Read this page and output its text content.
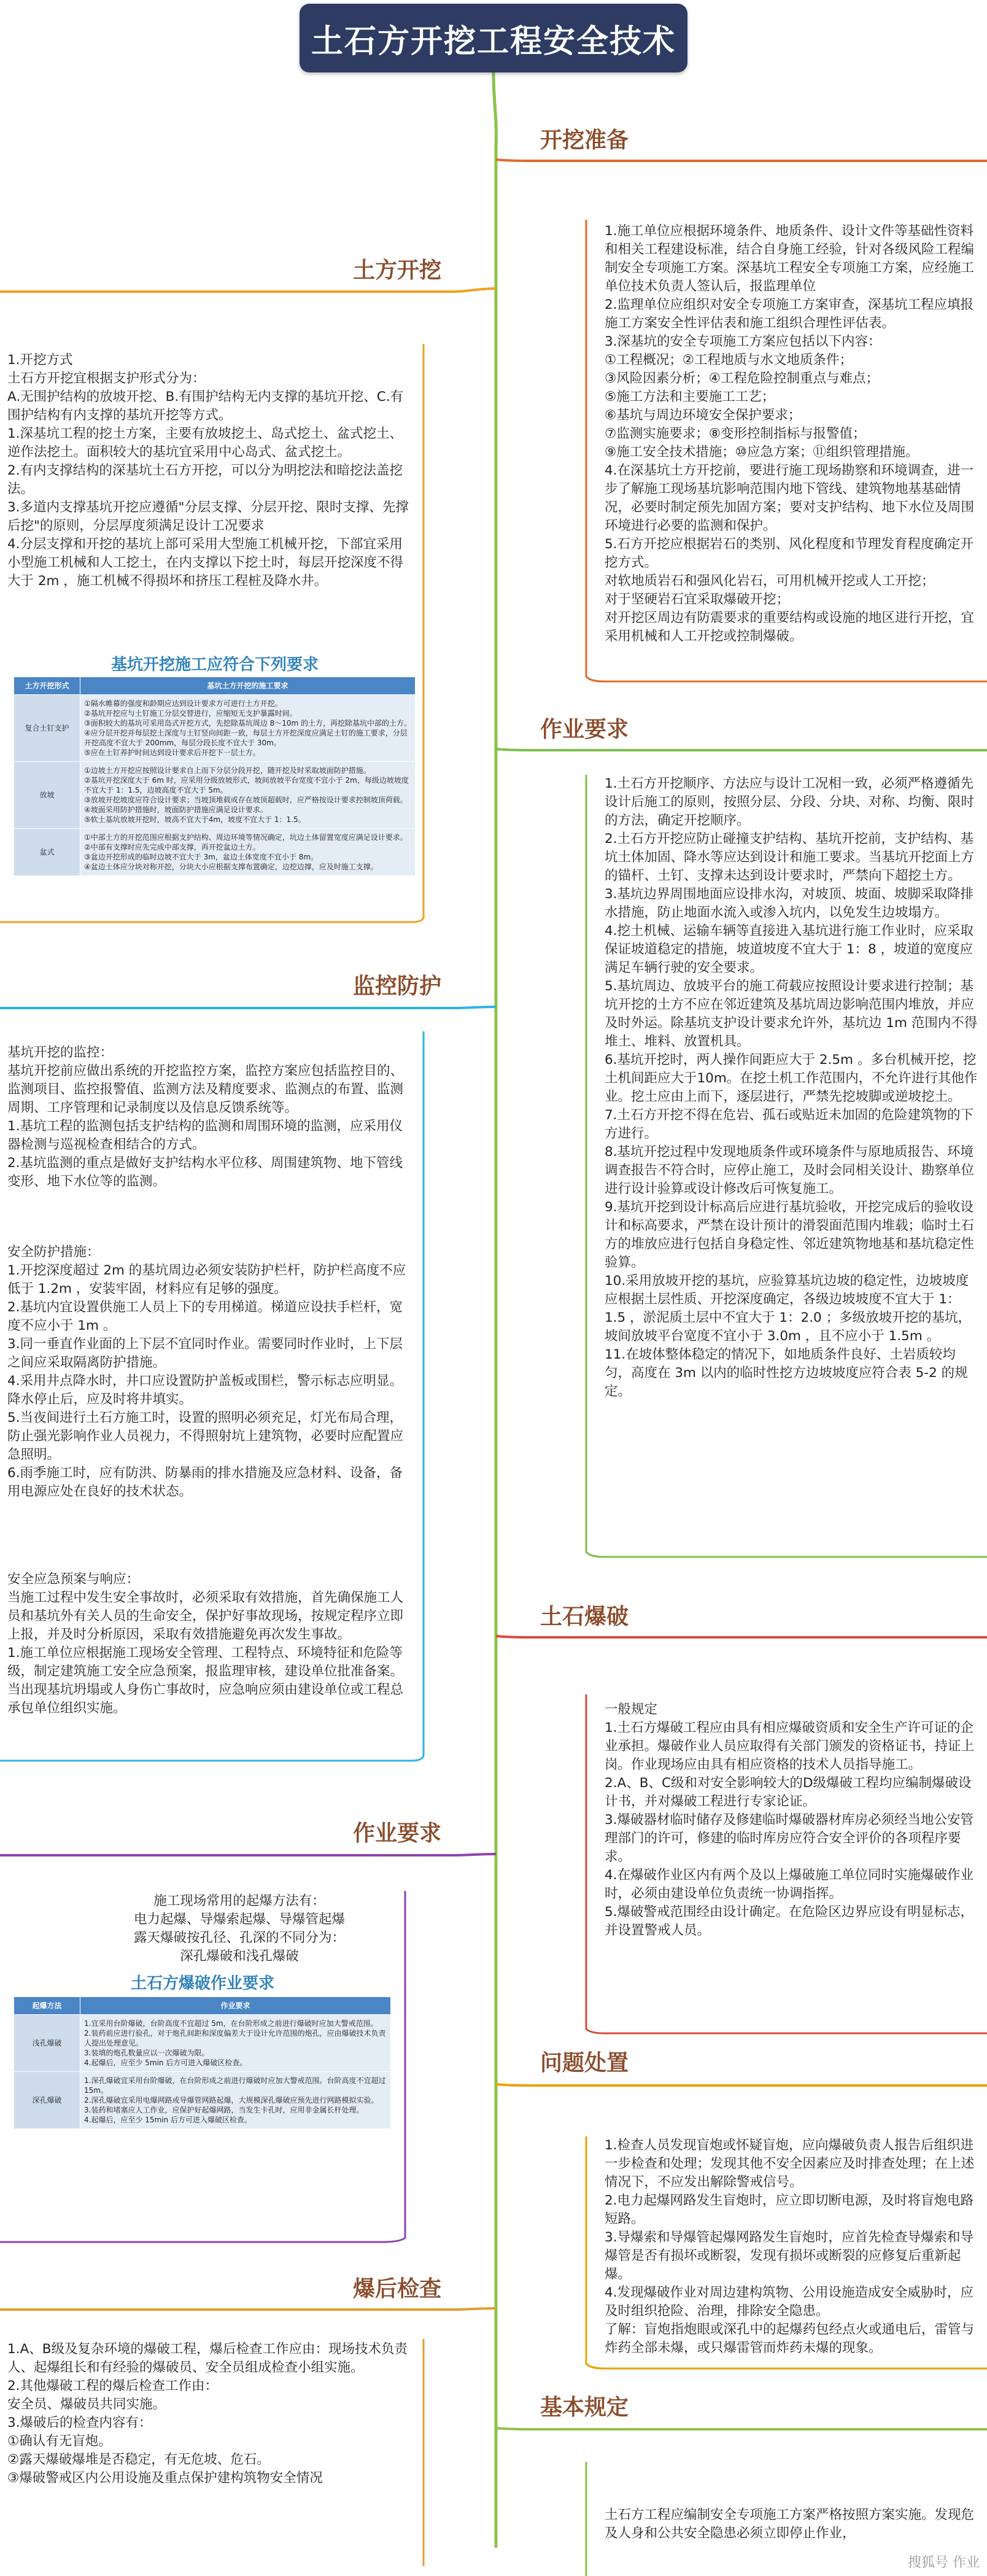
土石方开挖工程安全技术
开挖准备
土方开挖
作业要求
监控防护
土石爆破
作业要求
问题处置
爆后检查
基本规定
1.施工单位应根据环境条件、地质条件、设计文件等基础性资料和相关工程建设标准，结合自身施工经验，针对各级风险工程编制安全专项施工方案。深基坑工程安全专项施工方案，应经施工单位技术负责人签认后，报监理单位
2.监理单位应组织对安全专项施工方案审查，深基坑工程应填报施工方案安全性评估表和施工组织合理性评估表。
3.深基坑的安全专项施工方案应包括以下内容：
①工程概况；②工程地质与水文地质条件；
③风险因素分析；④工程危险控制重点与难点；
⑤施工方法和主要施工工艺；
⑥基坑与周边环境安全保护要求；
⑦监测实施要求；⑧变形控制指标与报警值；
⑨施工安全技术措施；⑩应急方案；⑪组织管理措施。
4.在深基坑土方开挖前，要进行施工现场勘察和环境调查，进一步了解施工现场基坑影响范围内地下管线、建筑物地基基础情况，必要时制定预先加固方案；要对支护结构、地下水位及周围环境进行必要的监测和保护。
5.石方开挖应根据岩石的类别、风化程度和节理发育程度确定开挖方式。
对软地质岩石和强风化岩石，可用机械开挖或人工开挖；
对于坚硬岩石宜采取爆破开挖；
对开挖区周边有防震要求的重要结构或设施的地区进行开挖，宜采用机械和人工开挖或控制爆破。
1.开挖方式
土石方开挖宜根据支护形式分为：
A.无围护结构的放坡开挖、B.有围护结构无内支撑的基坑开挖、C.有围护结构有内支撑的基坑开挖等方式。
1.深基坑工程的挖土方案，主要有放坡挖土、岛式挖土、盆式挖土、逆作法挖土。面积较大的基坑宜采用中心岛式、盆式挖土。
2.有内支撑结构的深基坑土石方开挖，可以分为明挖法和暗挖法盖挖法。
3.多道内支撑基坑开挖应遵循"分层支撑、分层开挖、限时支撑、先撑后挖"的原则，分层厚度须满足设计工况要求
4.分层支撑和开挖的基坑上部可采用大型施工机械开挖，下部宜采用小型施工机械和人工挖土，在内支撑以下挖土时，每层开挖深度不得大于 2m ，施工机械不得损坏和挤压工程桩及降水井。
基坑开挖施工应符合下列要求
土方开挖形式	基坑土方开挖的施工要求
复合土钉支护	①隔水帷幕的强度和龄期应达到设计要求方可进行土方开挖。
②基坑开挖应与土钉施工分层交替进行，应缩短无支护暴露时间。
③面积较大的基坑可采用岛式开挖方式，先挖除基坑周边 8～10m 的土方，再挖除基坑中部的土方。
④应分层开挖并每层挖土深度与土钉竖向间距一致，每层土方开挖深度应满足土钉的施工要求，分层开挖高度不宜大于 200mm，每层分段长度不宜大于 30m。
⑤应在土钉养护时间达到设计要求后开挖下一层土方。
放坡	①边坡土方开挖应按照设计要求自上而下分层分段开挖，随开挖及时采取坡面防护措施。
②基坑开挖深度大于 6m 时，应采用分级放坡形式，坡间放坡平台宽度不宜小于 2m，每级边坡坡度不宜大于 1：1.5，边坡高度不宜大于 5m。
③放坡开挖坡度应符合设计要求；当坡顶堆载或存在坡顶超载时，应严格按设计要求控制坡顶荷载。
④坡面采用防护措施时，坡面防护措施应满足设计要求。
⑤软土基坑放坡开挖时，坡高不宜大于4m，坡度不宜大于 1：1.5。
盆式	①中部土方的开挖范围应根据支护结构、周边环境等情况确定，坑边土体留置宽度应满足设计要求。
②中部有支撑时应先完成中部支撑，再开挖盆边土方。
③盆边开挖形成的临时边坡不宜大于 3m，盆边土体宽度不宜小于 8m。
④盆边土体应分块对称开挖，分块大小应根据支撑布置确定，边挖边撑，应及时施工支撑。
1.土石方开挖顺序、方法应与设计工况相一致，必须严格遵循先设计后施工的原则，按照分层、分段、分块、对称、均衡、限时的方法，确定开挖顺序。
2.土石方开挖应防止碰撞支护结构、基坑开挖前，支护结构、基坑土体加固、降水等应达到设计和施工要求。当基坑开挖面上方的锚杆、土钉、支撑未达到设计要求时，严禁向下超挖土方。
3.基坑边界周围地面应设排水沟，对坡顶、坡面、坡脚采取降排水措施，防止地面水流入或渗入坑内，以免发生边坡塌方。
4.挖土机械、运输车辆等直接进入基坑进行施工作业时，应采取保证坡道稳定的措施，坡道坡度不宜大于 1：8 ，坡道的宽度应满足车辆行驶的安全要求。
5.基坑周边、放坡平台的施工荷载应按照设计要求进行控制；基坑开挖的土方不应在邻近建筑及基坑周边影响范围内堆放，并应及时外运。除基坑支护设计要求允许外，基坑边 1m 范围内不得堆土、堆料、放置机具。
6.基坑开挖时，两人操作间距应大于 2.5m 。多台机械开挖，挖土机间距应大于10m。在挖土机工作范围内，不允许进行其他作业。挖土应由上而下，逐层进行，严禁先挖坡脚或逆坡挖土。
7.土石方开挖不得在危岩、孤石或贴近未加固的危险建筑物的下方进行。
8.基坑开挖过程中发现地质条件或环境条件与原地质报告、环境调查报告不符合时，应停止施工，及时会同相关设计、勘察单位进行设计验算或设计修改后可恢复施工。
9.基坑开挖到设计标高后应进行基坑验收，开挖完成后的验收设计和标高要求，严禁在设计预计的滑裂面范围内堆载；临时土石方的堆放应进行包括自身稳定性、邻近建筑物地基和基坑稳定性验算。
10.采用放坡开挖的基坑，应验算基坑边坡的稳定性，边坡坡度应根据土层性质、开挖深度确定，各级边坡坡度不宜大于 1：1.5 ，淤泥质土层中不宜大于 1：2.0 ；多级放坡开挖的基坑，坡间放坡平台宽度不宜小于 3.0m ，且不应小于 1.5m 。
11.在坡体整体稳定的情况下，如地质条件良好、土岩质较均匀，高度在 3m 以内的临时性挖方边坡坡度应符合表 5-2 的规定。
基坑开挖的监控：
基坑开挖前应做出系统的开挖监控方案，监控方案应包括监控目的、监测项目、监控报警值、监测方法及精度要求、监测点的布置、监测周期、工序管理和记录制度以及信息反馈系统等。
1.基坑工程的监测包括支护结构的监测和周围环境的监测，应采用仪器检测与巡视检查相结合的方式。
2.基坑监测的重点是做好支护结构水平位移、周围建筑物、地下管线变形、地下水位等的监测。
安全防护措施：
1.开挖深度超过 2m 的基坑周边必须安装防护栏杆，防护栏高度不应低于 1.2m ，安装牢固，材料应有足够的强度。
2.基坑内宜设置供施工人员上下的专用梯道。梯道应设扶手栏杆，宽度不应小于 1m 。
3.同一垂直作业面的上下层不宜同时作业。需要同时作业时，上下层之间应采取隔离防护措施。
4.采用井点降水时，井口应设置防护盖板或围栏，警示标志应明显。降水停止后，应及时将井填实。
5.当夜间进行土石方施工时，设置的照明必须充足，灯光布局合理，防止强光影响作业人员视力，不得照射坑上建筑物，必要时应配置应急照明。
6.雨季施工时，应有防洪、防暴雨的排水措施及应急材料、设备，备用电源应处在良好的技术状态。
安全应急预案与响应：
当施工过程中发生安全事故时，必须采取有效措施，首先确保施工人员和基坑外有关人员的生命安全，保护好事故现场，按规定程序立即上报，并及时分析原因，采取有效措施避免再次发生事故。
1.施工单位应根据施工现场安全管理、工程特点、环境特征和危险等级，制定建筑施工安全应急预案，报监理审核，建设单位批准备案。当出现基坑坍塌或人身伤亡事故时，应急响应须由建设单位或工程总承包单位组织实施。	一般规定
1.土石方爆破工程应由具有相应爆破资质和安全生产许可证的企业承担。爆破作业人员应取得有关部门颁发的资格证书，持证上岗。作业现场应由具有相应资格的技术人员指导施工。
2.A、B、C级和对安全影响较大的D级爆破工程均应编制爆破设计书，并对爆破工程进行专家论证。
3.爆破器材临时储存及修建临时爆破器材库房必须经当地公安管理部门的许可，修建的临时库房应符合安全评价的各项程序要求。
4.在爆破作业区内有两个及以上爆破施工单位同时实施爆破作业时，必须由建设单位负责统一协调指挥。
5.爆破警戒范围经由设计确定。在危险区边界应设有明显标志，并设置警戒人员。
施工现场常用的起爆方法有：
电力起爆、导爆索起爆、导爆管起爆
露天爆破按孔径、孔深的不同分为：
深孔爆破和浅孔爆破
土石方爆破作业要求
起爆方法	作业要求
浅孔爆破	1.宜采用台阶爆破，台阶高度不宜超过 5m，在台阶形成之前进行爆破时应加大警戒范围。
2.装药前应进行验孔，对于炮孔间距和深度偏差大于设计允许范围的炮孔，应由爆破技术负责人提出处理意见。
3.装填的炮孔数量应以一次爆破为限。
4.起爆后，应至少 5min 后方可进入爆破区检查。
深孔爆破	1.深孔爆破宜采用台阶爆破，在台阶形成之前进行爆破时应加大警戒范围。台阶高度不宜超过 15m。
2.深孔爆破宜采用电爆网路或导爆管网路起爆，大规模深孔爆破应预先进行网路模拟实验。
3.装药和堵塞应人工作业，应保护好起爆网路，当发生卡孔时，应用非金属长杆处理。
4.起爆后，应至少 15min 后方可进入爆破区检查。
1.检查人员发现盲炮或怀疑盲炮，应向爆破负责人报告后组织进一步检查和处理；发现其他不安全因素应及时排查处理；在上述情况下，不应发出解除警戒信号。
2.电力起爆网路发生盲炮时，应立即切断电源，及时将盲炮电路短路。
3.导爆索和导爆管起爆网路发生盲炮时，应首先检查导爆索和导爆管是否有损坏或断裂，发现有损坏或断裂的应修复后重新起爆。
4.发现爆破作业对周边建构筑物、公用设施造成安全威胁时，应及时组织抢险、治理，排除安全隐患。
了解：盲炮指炮眼或深孔中的起爆药包经点火或通电后，雷管与炸药全部未爆，或只爆雷管而炸药未爆的现象。
1.A、B级及复杂环境的爆破工程，爆后检查工作应由：现场技术负责人、起爆组长和有经验的爆破员、安全员组成检查小组实施。
2.其他爆破工程的爆后检查工作由：
安全员、爆破员共同实施。
3.爆破后的检查内容有：
①确认有无盲炮。
②露天爆破爆堆是否稳定，有无危坡、危石。
③爆破警戒区内公用设施及重点保护建构筑物安全情况
土石方工程应编制安全专项施工方案严格按照方案实施。发现危及人身和公共安全隐患必须立即停止作业，
搜狐号 作业
